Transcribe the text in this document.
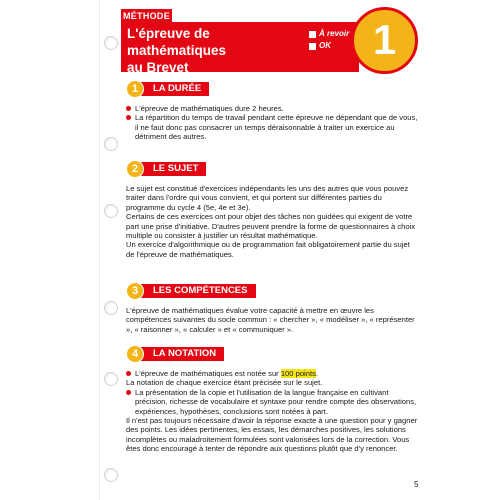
MÉTHODE
L'épreuve de mathématiques
au Brevet
À revoir
OK 1
1	LA DURÉE

L'épreuve de mathématiques dure 2 heures.

La répartition du temps de travail pendant cette épreuve ne dépendant que de vous, il ne faut donc pas consacrer un temps déraisonnable à traiter un exercice au détriment des autres.

2	LE SUJET

Le sujet est constitué d'exercices indépendants les uns des autres que vous pouvez traiter dans l'ordre qui vous convient, et qui portent sur différentes parties du programme du cycle 4 (5e, 4e et 3e).

Certains de ces exercices ont pour objet des tâches non guidées qui exigent de votre part une prise d'initiative. D'autres peuvent prendre la forme de questionnaires à choix multiple ou consister à justifier un résultat mathématique.

Un exercice d'algorithmique ou de programmation fait obligatoirement partie du sujet de l'épreuve de mathématiques.

3	LES COMPÉTENCES

L'épreuve de mathématiques évalue votre capacité à mettre en œuvre les compétences suivantes du socle commun : « chercher », « modéliser », « représenter », « raisonner », « calculer » et « communiquer ».

4	LA NOTATION

L'épreuve de mathématiques est notée sur 100 points.

La notation de chaque exercice étant précisée sur le sujet.

La présentation de la copie et l'utilisation de la langue française en cultivant précision, richesse de vocabulaire et syntaxe pour rendre compte des observations, expériences, hypothèses, conclusions sont notées à part.

Il n'est pas toujours nécessaire d'avoir la réponse exacte à une question pour y gagner des points. Les idées pertinentes, les essais, les démarches positives, les solutions incomplètes ou maladroitement formulées sont valorisées lors de la correction. Vous êtes donc encouragé à tenter de répondre aux questions plutôt que d'y renoncer.

5
